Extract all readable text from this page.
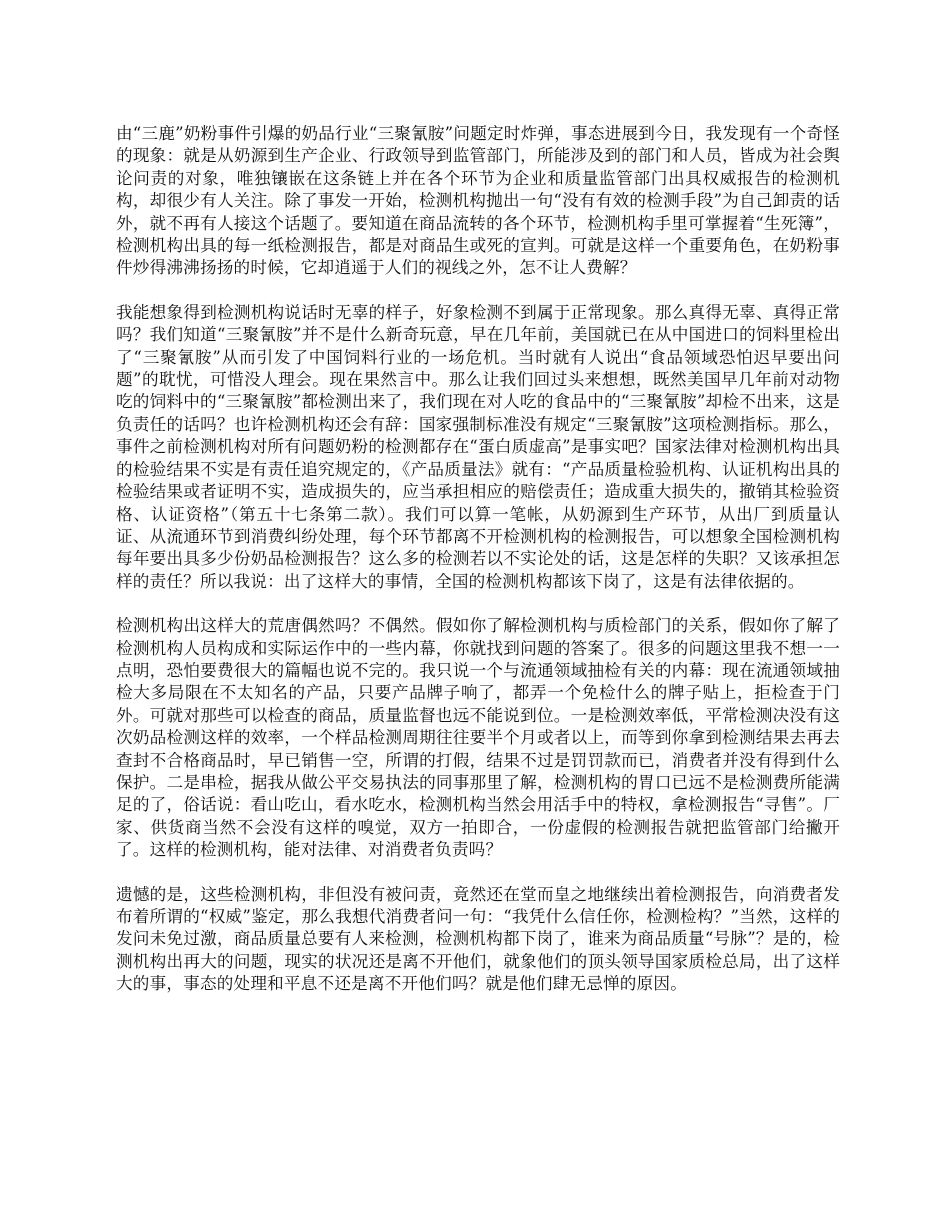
由“三鹿”奶粉事件引爆的奶品行业“三聚氰胺”问题定时炸弹，事态进展到今日，我发现有一个奇怪的现象：就是从奶源到生产企业、行政领导到监管部门，所能涉及到的部门和人员，皆成为社会舆论问责的对象，唯独镶嵌在这条链上并在各个环节为企业和质量监管部门出具权威报告的检测机构，却很少有人关注。除了事发一开始，检测机构抛出一句“没有有效的检测手段”为自己卸责的话外，就不再有人接这个话题了。要知道在商品流转的各个环节，检测机构手里可掌握着“生死簿”，检测机构出具的每一纸检测报告，都是对商品生或死的宣判。可就是这样一个重要角色，在奶粉事件炒得沸沸扬扬的时候，它却逍遥于人们的视线之外，怎不让人费解？

我能想象得到检测机构说话时无辜的样子，好象检测不到属于正常现象。那么真得无辜、真得正常吗？我们知道“三聚氰胺”并不是什么新奇玩意，早在几年前，美国就已在从中国进口的饲料里检出了“三聚氰胺”从而引发了中国饲料行业的一场危机。当时就有人说出“食品领域恐怕迟早要出问题”的耽忧，可惜没人理会。现在果然言中。那么让我们回过头来想想，既然美国早几年前对动物吃的饲料中的“三聚氰胺”都检测出来了，我们现在对人吃的食品中的“三聚氰胺”却检不出来，这是负责任的话吗？也许检测机构还会有辞：国家强制标准没有规定“三聚氰胺”这项检测指标。那么，事件之前检测机构对所有问题奶粉的检测都存在“蛋白质虚高”是事实吧？国家法律对检测机构出具的检验结果不实是有责任追究规定的，《产品质量法》就有：“产品质量检验机构、认证机构出具的检验结果或者证明不实，造成损失的，应当承担相应的赔偿责任；造成重大损失的，撤销其检验资格、认证资格”（第五十七条第二款）。我们可以算一笔帐，从奶源到生产环节，从出厂到质量认证、从流通环节到消费纠纷处理，每个环节都离不开检测机构的检测报告，可以想象全国检测机构每年要出具多少份奶品检测报告？这么多的检测若以不实论处的话，这是怎样的失职？又该承担怎样的责任？所以我说：出了这样大的事情，全国的检测机构都该下岗了，这是有法律依据的。

检测机构出这样大的荒唐偶然吗？不偶然。假如你了解检测机构与质检部门的关系，假如你了解了检测机构人员构成和实际运作中的一些内幕，你就找到问题的答案了。很多的问题这里我不想一一点明，恐怕要费很大的篇幅也说不完的。我只说一个与流通领域抽检有关的内幕：现在流通领域抽检大多局限在不太知名的产品，只要产品牌子响了，都弄一个免检什么的牌子贴上，拒检查于门外。可就对那些可以检查的商品，质量监督也远不能说到位。一是检测效率低，平常检测决没有这次奶品检测这样的效率，一个样品检测周期往往要半个月或者以上，而等到你拿到检测结果去再去查封不合格商品时，早已销售一空，所谓的打假，结果不过是罚罚款而已，消费者并没有得到什么保护。二是串检，据我从做公平交易执法的同事那里了解，检测机构的胃口已远不是检测费所能满足的了，俗话说：看山吃山，看水吃水，检测机构当然会用活手中的特权，拿检测报告“寻售”。厂家、供货商当然不会没有这样的嗅觉，双方一拍即合，一份虚假的检测报告就把监管部门给撇开了。这样的检测机构，能对法律、对消费者负责吗？

遗憾的是，这些检测机构，非但没有被问责，竟然还在堂而皇之地继续出着检测报告，向消费者发布着所谓的“权威”鉴定，那么我想代消费者问一句：“我凭什么信任你，检测检构？”当然，这样的发问未免过激，商品质量总要有人来检测，检测机构都下岗了，谁来为商品质量“号脉”？是的，检测机构出再大的问题，现实的状况还是离不开他们，就象他们的顶头领导国家质检总局，出了这样大的事，事态的处理和平息不还是离不开他们吗？就是他们肆无忌惮的原因。
